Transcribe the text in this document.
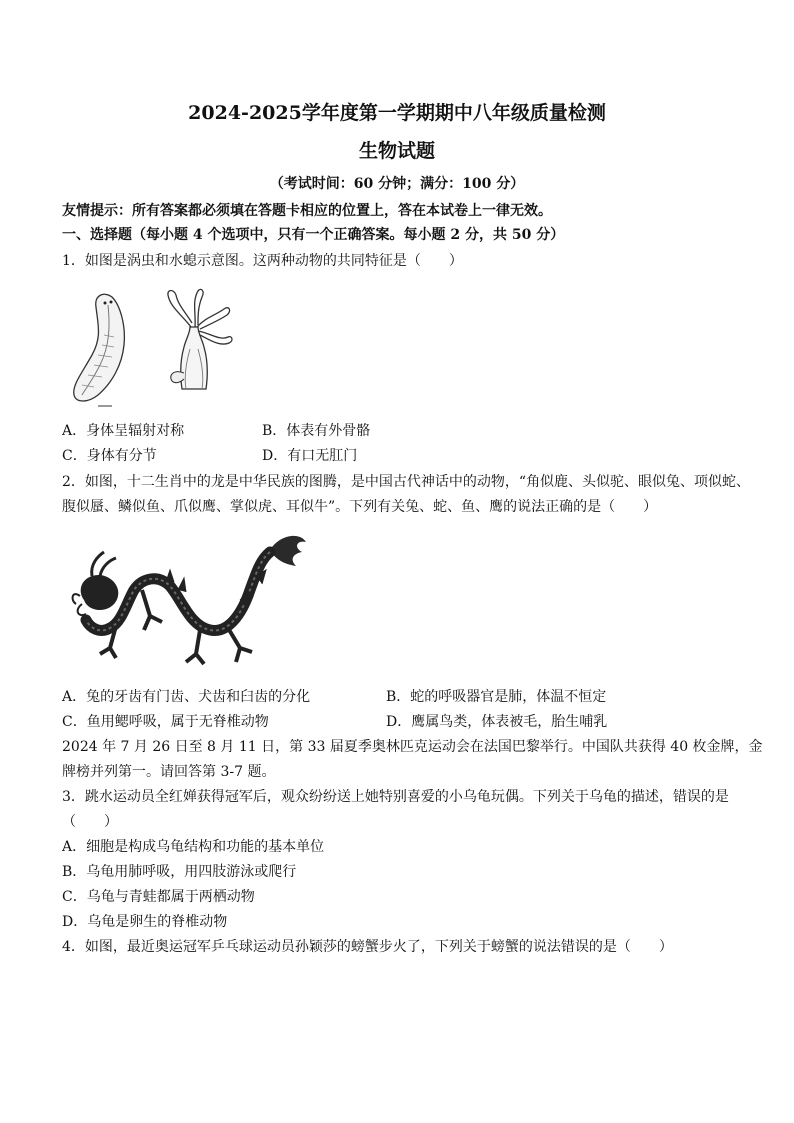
2024-2025学年度第一学期期中八年级质量检测
生物试题
（考试时间：60 分钟；满分：100 分）
友情提示：所有答案都必须填在答题卡相应的位置上，答在本试卷上一律无效。
一、选择题（每小题 4 个选项中，只有一个正确答案。每小题 2 分，共 50 分）
1．如图是涡虫和水螅示意图。这两种动物的共同特征是（　　）
A．身体呈辐射对称	B．体表有外骨骼
C．身体有分节	D．有口无肛门
2．如图，十二生肖中的龙是中华民族的图腾，是中国古代神话中的动物，“角似鹿、头似驼、眼似兔、项似蛇、
腹似蜃、鳞似鱼、爪似鹰、掌似虎、耳似牛”。下列有关兔、蛇、鱼、鹰的说法正确的是（　　）
A．兔的牙齿有门齿、犬齿和臼齿的分化	B．蛇的呼吸器官是肺，体温不恒定
C．鱼用鳃呼吸，属于无脊椎动物	D．鹰属鸟类，体表被毛，胎生哺乳
2024 年 7 月 26 日至 8 月 11 日，第 33 届夏季奥林匹克运动会在法国巴黎举行。中国队共获得 40 枚金牌，金
牌榜并列第一。请回答第 3-7 题。
3．跳水运动员全红婵获得冠军后，观众纷纷送上她特别喜爱的小乌龟玩偶。下列关于乌龟的描述，错误的是
（　　）
A．细胞是构成乌龟结构和功能的基本单位
B．乌龟用肺呼吸，用四肢游泳或爬行
C．乌龟与青蛙都属于两栖动物
D．乌龟是卵生的脊椎动物
4．如图，最近奥运冠军乒乓球运动员孙颖莎的螃蟹步火了，下列关于螃蟹的说法错误的是（　　）
